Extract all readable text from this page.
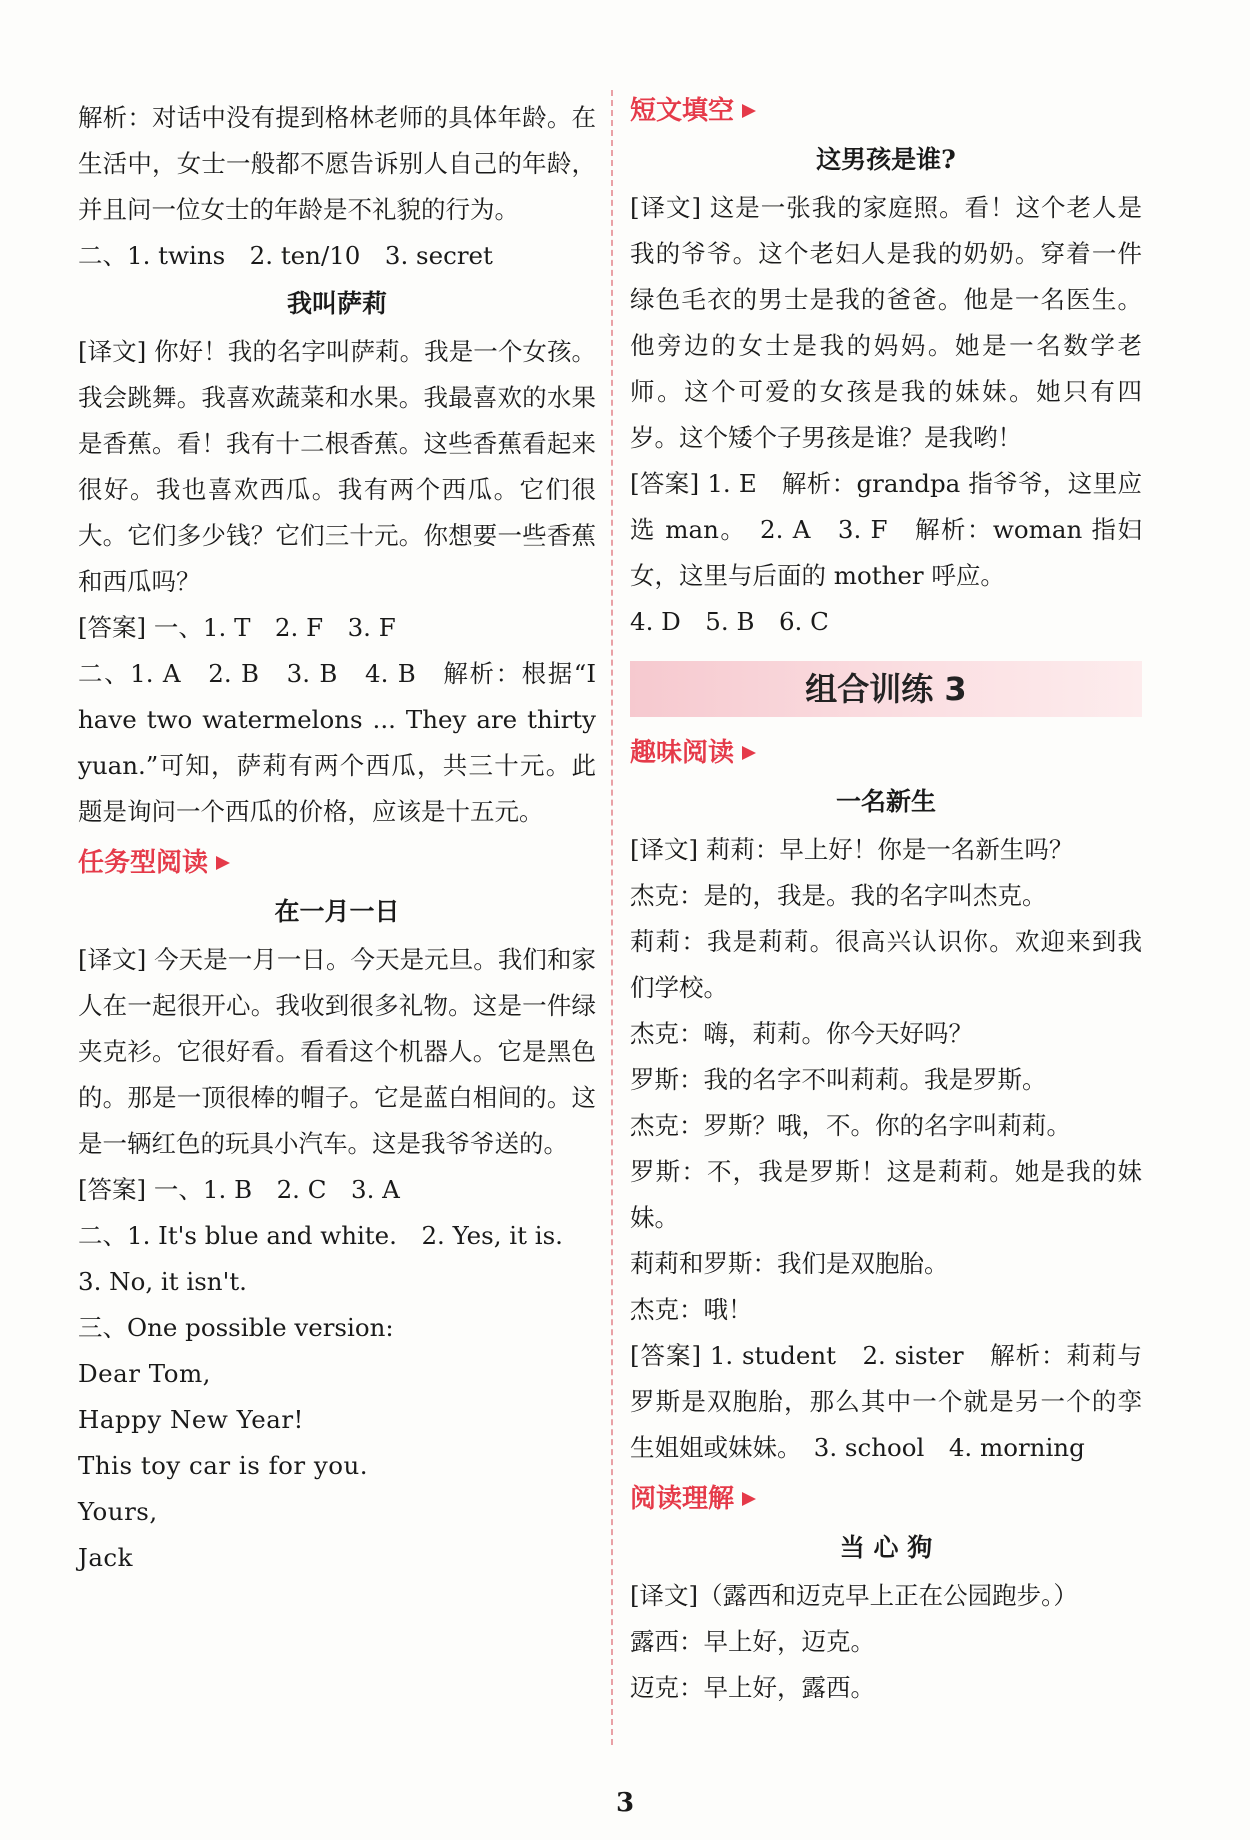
解析：对话中没有提到格林老师的具体年龄。在生活中，女士一般都不愿告诉别人自己的年龄，并且问一位女士的年龄是不礼貌的行为。

二、1. twins　2. ten/10　3. secret

我叫萨莉

[译文] 你好！我的名字叫萨莉。我是一个女孩。我会跳舞。我喜欢蔬菜和水果。我最喜欢的水果是香蕉。看！我有十二根香蕉。这些香蕉看起来很好。我也喜欢西瓜。我有两个西瓜。它们很大。它们多少钱？它们三十元。你想要一些香蕉和西瓜吗？

[答案] 一、1. T　2. F　3. F

二、1. A　2. B　3. B　4. B　解析：根据“I have two watermelons ... They are thirty yuan.”可知，萨莉有两个西瓜，共三十元。此题是询问一个西瓜的价格，应该是十五元。

任务型阅读
在一月一日

[译文] 今天是一月一日。今天是元旦。我们和家人在一起很开心。我收到很多礼物。这是一件绿夹克衫。它很好看。看看这个机器人。它是黑色的。那是一顶很棒的帽子。它是蓝白相间的。这是一辆红色的玩具小汽车。这是我爷爷送的。

[答案] 一、1. B　2. C　3. A

二、1. It's blue and white.　2. Yes, it is.

3. No, it isn't.

三、One possible version:

Dear Tom,

Happy New Year!

This toy car is for you.

Yours,

Jack

短文填空
这男孩是谁?

[译文] 这是一张我的家庭照。看！这个老人是我的爷爷。这个老妇人是我的奶奶。穿着一件绿色毛衣的男士是我的爸爸。他是一名医生。他旁边的女士是我的妈妈。她是一名数学老师。这个可爱的女孩是我的妹妹。她只有四岁。这个矮个子男孩是谁？是我哟！

[答案] 1. E　解析：grandpa 指爷爷，这里应选 man。　2. A　3. F　解析：woman 指妇女，这里与后面的 mother 呼应。

4. D　5. B　6. C

组合训练 3
趣味阅读
一名新生

[译文] 莉莉：早上好！你是一名新生吗？

杰克：是的，我是。我的名字叫杰克。

莉莉：我是莉莉。很高兴认识你。欢迎来到我们学校。

杰克：嗨，莉莉。你今天好吗？

罗斯：我的名字不叫莉莉。我是罗斯。

杰克：罗斯？哦，不。你的名字叫莉莉。

罗斯：不，我是罗斯！这是莉莉。她是我的妹妹。

莉莉和罗斯：我们是双胞胎。

杰克：哦！

[答案] 1. student　2. sister　解析：莉莉与罗斯是双胞胎，那么其中一个就是另一个的孪生姐姐或妹妹。　3. school　4. morning

阅读理解
当 心 狗

[译文]（露西和迈克早上正在公园跑步。）

露西：早上好，迈克。

迈克：早上好，露西。

3
